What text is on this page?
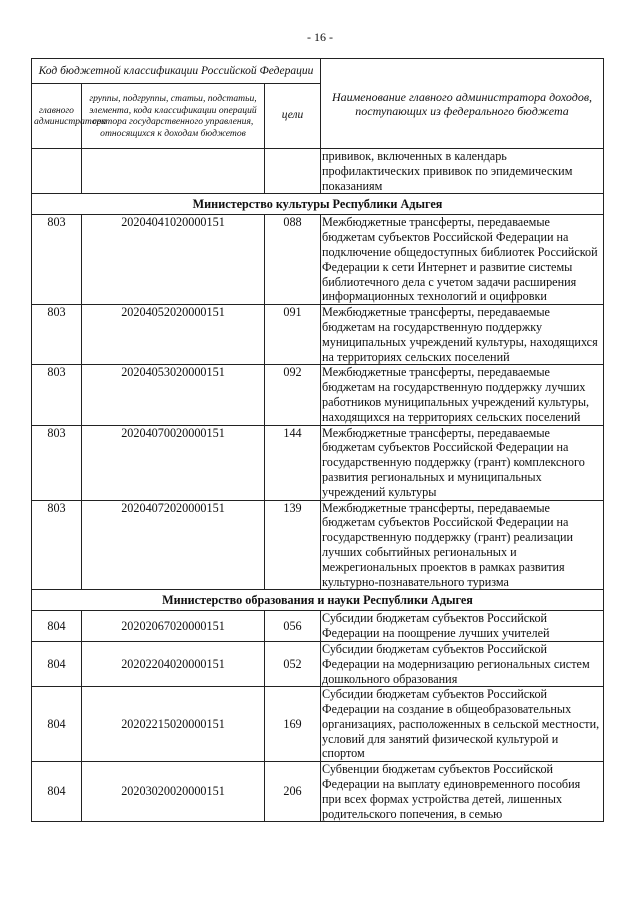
- 16 -
Код бюджетной классификации Российской Федерации			Наименование главного администратора доходов, поступающих из федерального бюджета
главного администратора	группы, подгруппы, статьи, подстатьи, элемента, кода классификации операций сектора государственного управления, относящихся к доходам бюджетов	цели	
			прививок, включенных в календарь профилактических прививок по эпидемическим показаниям
Министерство культуры Республики Адыгея			
803	20204041020000151	088	Межбюджетные трансферты, передаваемые бюджетам субъектов Российской Федерации на подключение общедоступных библиотек Российской Федерации к сети Интернет и развитие системы библиотечного дела с учетом задачи расширения информационных технологий и оцифровки
803	20204052020000151	091	Межбюджетные трансферты, передаваемые бюджетам на государственную поддержку муниципальных учреждений культуры, находящихся на территориях сельских поселений
803	20204053020000151	092	Межбюджетные трансферты, передаваемые бюджетам на государственную поддержку лучших работников муниципальных учреждений культуры, находящихся на территориях сельских поселений
803	20204070020000151	144	Межбюджетные трансферты, передаваемые бюджетам субъектов Российской Федерации на государственную поддержку (грант) комплексного развития региональных и муниципальных учреждений культуры
803	20204072020000151	139	Межбюджетные трансферты, передаваемые бюджетам субъектов Российской Федерации на государственную поддержку (грант) реализации лучших событийных региональных и межрегиональных проектов в рамках развития культурно-познавательного туризма
Министерство образования и науки Республики Адыгея			
804	20202067020000151	056	Субсидии бюджетам субъектов Российской Федерации на поощрение лучших учителей
804	20202204020000151	052	Субсидии бюджетам субъектов Российской Федерации на модернизацию региональных систем дошкольного образования
804	20202215020000151	169	Субсидии бюджетам субъектов Российской Федерации на создание в общеобразовательных организациях, расположенных в сельской местности, условий для занятий физической культурой и спортом
804	20203020020000151	206	Субвенции бюджетам субъектов Российской Федерации на выплату единовременного пособия при всех формах устройства детей, лишенных родительского попечения, в семью
